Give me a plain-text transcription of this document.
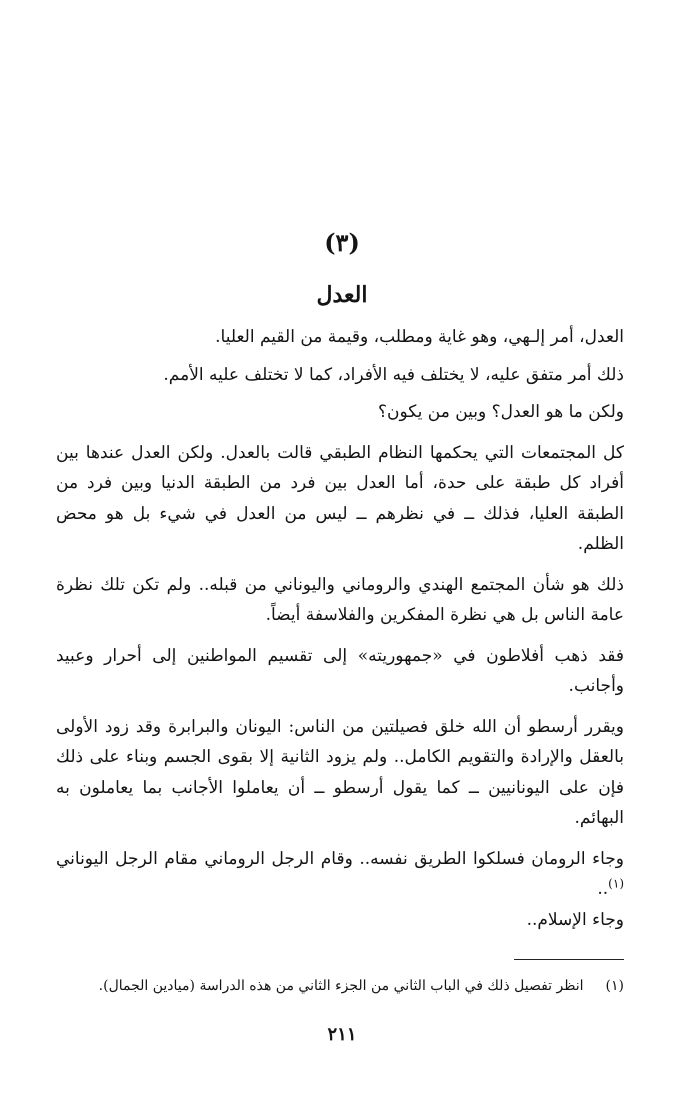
(٣)
العدل

العدل، أمر إلـهي، وهو غاية ومطلب، وقيمة من القيم العليا.

ذلك أمر متفق عليه، لا يختلف فيه الأفراد، كما لا تختلف عليه الأمم.

ولكن ما هو العدل؟ وبين من يكون؟

كل المجتمعات التي يحكمها النظام الطبقي قالت بالعدل. ولكن العدل عندها بين أفراد كل طبقة على حدة، أما العدل بين فرد من الطبقة الدنيا وبين فرد من الطبقة العليا، فذلك ــ في نظرهم ــ ليس من العدل في شيء بل هو محض الظلم.

ذلك هو شأن المجتمع الهندي والروماني واليوناني من قبله.. ولم تكن تلك نظرة عامة الناس بل هي نظرة المفكرين والفلاسفة أيضاً.

فقد ذهب أفلاطون في «جمهوريته» إلى تقسيم المواطنين إلى أحرار وعبيد وأجانب.

ويقرر أرسطو أن الله خلق فصيلتين من الناس: اليونان والبرابرة وقد زود الأولى بالعقل والإرادة والتقويم الكامل.. ولم يزود الثانية إلا بقوى الجسم وبناء على ذلك فإن على اليونانيين ــ كما يقول أرسطو ــ أن يعاملوا الأجانب بما يعاملون به البهائم.

وجاء الرومان فسلكوا الطريق نفسه.. وقام الرجل الروماني مقام الرجل اليوناني $^{(١)}$..

وجاء الإسلام..

(١)انظر تفصيل ذلك في الباب الثاني من الجزء الثاني من هذه الدراسة (ميادين الجمال).
٢١١
